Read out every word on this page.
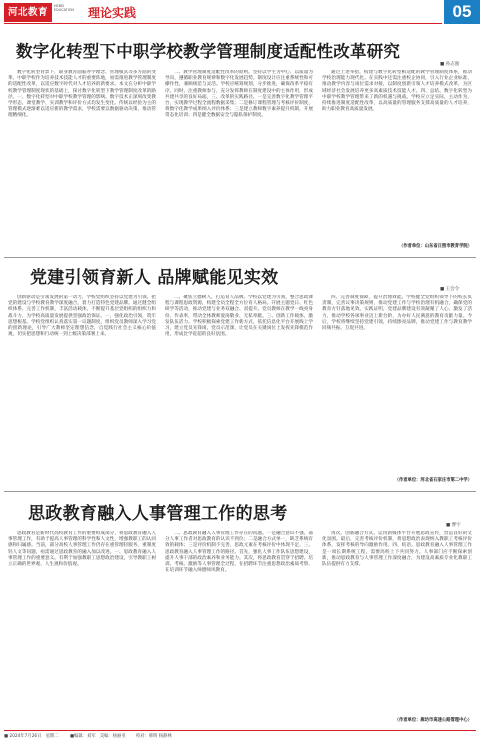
河北教育
HEBEI EDUCATION	理论实践	05
数字化转型下中职学校教学管理制度适配性改革研究
■ 孙志强

数字化转型背景下，职业教育面临办学理念、管理模式等多方面的变革。中职学校作为培养技术技能人才的重要阵地，亟需推进教学管理制度的适配性改革，以适应数字时代对人才培养的新要求。本文在分析中职学校教学管理制度现状的基础上，探讨数字化转型下教学管理制度改革的路径。一、数字化转型对中职学校教学管理的影响。数字技术正深刻改变教学形态，课堂教学、实训教学和评价方式均发生变化。传统以经验为主的管理模式逐渐难以适应新的教学需求，学校需要以数据驱动决策，推动管理精细化。

二、教学管理制度适配性改革的原则。坚持以学生为中心、以质量为导向，遵循职业教育规律和数字化发展趋势。制度设计应注重系统性和可操作性，兼顾规范与灵活。学校应统筹规划，分步推进，确保改革平稳有序。同时，注重教师参与，充分发挥教师在制度建设中的主体作用，形成共建共享的良好局面。三、改革的实践路径。一是完善数字化教学管理平台，实现教学过程全流程数据采集；二是修订课程管理与考核评价制度，将数字化教学成果纳入评价体系；三是建立教师数字素养提升机制，开展常态化培训；四是健全数据安全与隐私保护制度。

通过上述举措，构建与数字化转型相适配的教学管理制度体系，推动学校治理能力现代化。在实践中还需注重校企协同，引入行业企业标准，推动教学内容与岗位需求对接，以制度创新引领人才培养模式改革，为区域经济社会发展培养更多高素质技术技能人才。四、总结。数字化转型为中职学校教学管理带来了新的机遇与挑战。学校应立足实际，主动作为，持续推进制度适配性改革，以高质量的管理服务支撑高质量的人才培养，助力职业教育高质量发展。

（作者单位：山东省日照市教育学院）
党建引领育新人 品牌赋能见实效
■ 王会令

创新驱动是引领发展的第一动力，学校党组织坚持以党建为引领，把党的建设与学校教育教学深度融合，着力打造特色党建品牌。通过健全组织体系、完善工作机制、丰富活动载体，不断提升基层党组织的组织力和战斗力，为学校高质量发展提供坚强政治保证。一、强化政治引领，筑牢思想根基。学校党组织认真落实第一议题制度，组织党员教师深入学习党的创新理论，引导广大教师坚定理想信念，自觉践行社会主义核心价值观，切实把思想和行动统一到上级决策部署上来。

二、聚焦立德树人，打造育人品牌。学校以党建为引领，整合思政课程与课程思政资源，构建全员全程全方位育人格局。开展主题党日、红色研学等活动，推动党建与业务双融合、双提升。党员教师在教学一线亮身份、作表率，带动全体教师爱岗敬业、无私奉献。三、创新工作载体，激发队伍活力。学校积极探索党建工作新方式，依托信息化平台开展线上学习，建立党员先锋岗、党员示范课，让党员在关键岗位上发挥先锋模范作用，形成比学赶超的良好氛围。

四、完善制度保障，提升治理效能。学校健全党组织领导下的校长负责制，完善议事决策规则，推动党建工作与学校治理有机融合，确保党的教育方针落地见效。实践证明，党建品牌建设有效凝聚了人心、激发了活力，推动学校各项事业迈上新台阶，为办好人民满意的教育贡献力量。今后，学校将继续坚持党建引领，持续擦亮品牌，推动党建工作与教育教学同频共振、互促共进。

（作者单位：河北省石家庄市第二中学）
思政教育融入人事管理工作的思考
■ 曹宇

思政教育是新时代高校教育工作的重要组成部分，将思政教育融入人事管理工作，有助于提高人事管理的科学性和人文性，增强教职工的认同感和归属感。当前，部分高校人事管理工作仍存在重管理轻服务、重制度轻人文等问题，亟需通过思政教育的融入加以改进。一、思政教育融入人事管理工作的重要意义。有利于加强教职工思想政治建设，引导教职工树立正确的世界观、人生观和价值观。

二、思政教育融入人事管理工作存在的问题。一是融合意识不强，部分人事工作者对思政教育的认识不到位；二是融合方式单一，缺乏系统有效的载体；三是评价机制不完善，思政元素在考核评价中体现不足。三、思政教育融入人事管理工作的路径。首先，强化人事工作队伍思想建设，提升人事干部的政治素养和业务能力。其次，将思政教育贯穿于招聘、培训、考核、激励等人事管理全过程，在招聘环节注重思想政治素质考察，在培训环节融入师德师风教育。

再次，创新融合方式，运用新媒体平台开展思政宣传，营造良好的文化氛围。最后，完善考核评价机制，将思想政治表现纳入教职工考核评价体系，发挥考核的导向激励作用。四、结语。思政教育融入人事管理工作是一项长期系统工程，需要高校上下共同努力。人事部门应不断探索创新，推动思政教育与人事管理工作深度融合，为建设高素质专业化教职工队伍提供有力支撑。

（作者单位：廊坊市高速公路管理中心）
■ 2024年7月26日　星期二	■编辑：刘军　美编：杨丽亚 校对：韩明 杨静林
